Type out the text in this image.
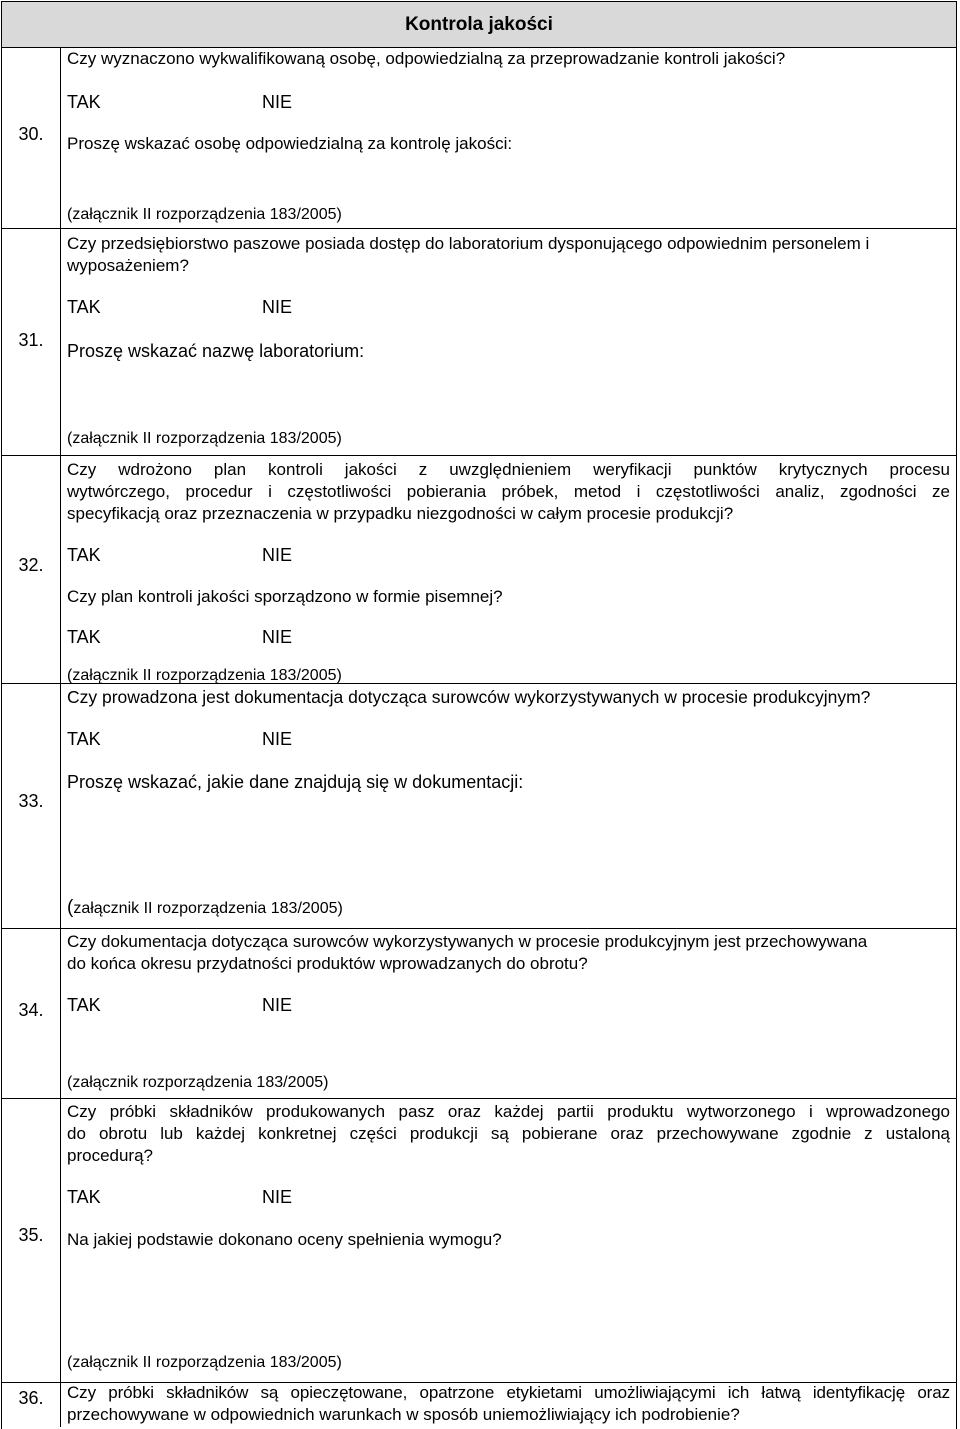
Kontrola jakości
30.
Czy wyznaczono wykwalifikowaną osobę, odpowiedzialną za przeprowadzanie kontroli jakości?
TAK	NIE
Proszę wskazać osobę odpowiedzialną za kontrolę jakości:
(załącznik II rozporządzenia 183/2005)
31.
Czy przedsiębiorstwo paszowe posiada dostęp do laboratorium dysponującego odpowiednim personelem i
wyposażeniem?
TAK	NIE
Proszę wskazać nazwę laboratorium:
(załącznik II rozporządzenia 183/2005)
32.
Czy wdrożono plan kontroli jakości z uwzględnieniem weryfikacji punktów krytycznych procesu
wytwórczego, procedur i częstotliwości pobierania próbek, metod i częstotliwości analiz, zgodności ze
specyfikacją oraz przeznaczenia w przypadku niezgodności w całym procesie produkcji?
TAK	NIE
Czy plan kontroli jakości sporządzono w formie pisemnej?
TAK	NIE
(załącznik II rozporządzenia 183/2005)
33.
Czy prowadzona jest dokumentacja dotycząca surowców wykorzystywanych w procesie produkcyjnym?
TAK	NIE
Proszę wskazać, jakie dane znajdują się w dokumentacji:
(załącznik II rozporządzenia 183/2005)
34.
Czy dokumentacja dotycząca surowców wykorzystywanych w procesie produkcyjnym jest przechowywana
do końca okresu przydatności produktów wprowadzanych do obrotu?
TAK	NIE
(załącznik rozporządzenia 183/2005)
35.
Czy próbki składników produkowanych pasz oraz każdej partii produktu wytworzonego i wprowadzonego
do obrotu lub każdej konkretnej części produkcji są pobierane oraz przechowywane zgodnie z ustaloną
procedurą?
TAK	NIE
Na jakiej podstawie dokonano oceny spełnienia wymogu?
(załącznik II rozporządzenia 183/2005)
36.	Czy próbki składników są opieczętowane, opatrzone etykietami umożliwiającymi ich łatwą identyfikację oraz
przechowywane w odpowiednich warunkach w sposób uniemożliwiający ich podrobienie?
